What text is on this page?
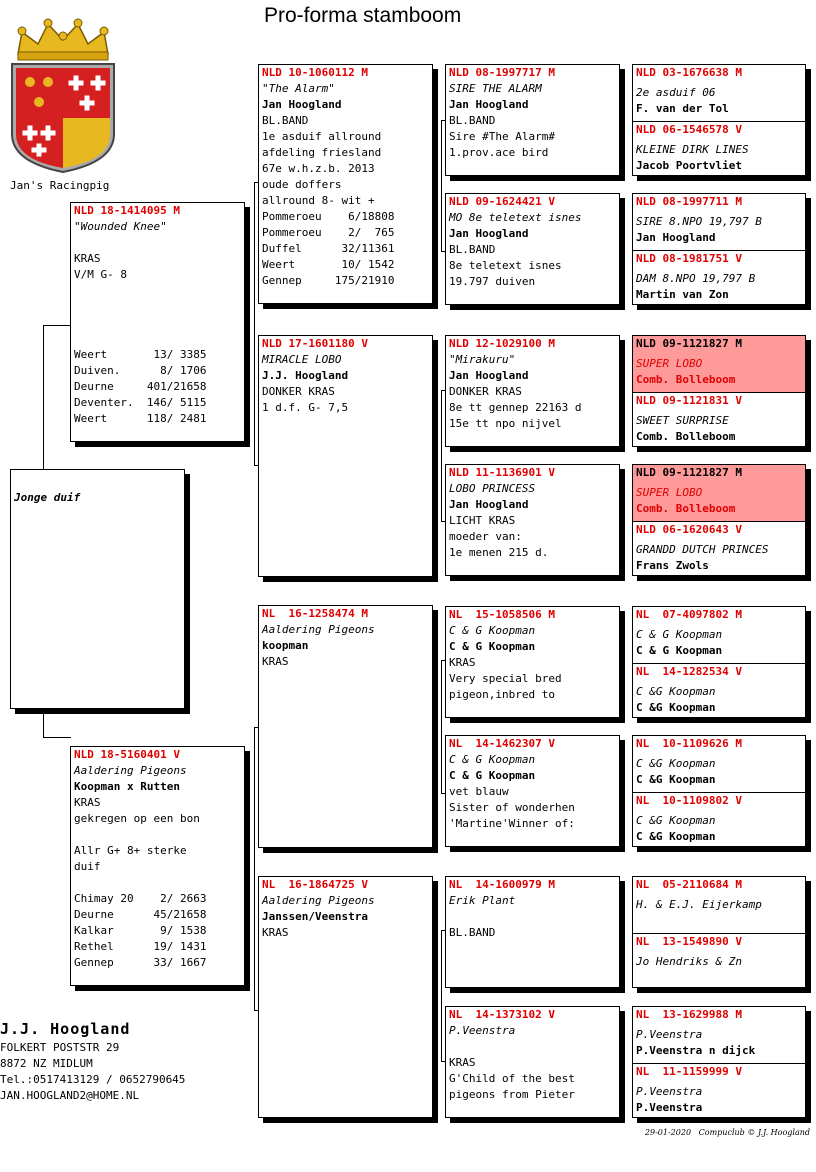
Pro-forma stamboom
Jan's Racingpig
Jonge duif
NLD 18-1414095 M
"Wounded Knee"

KRAS
V/M G- 8

Weert       13/ 3385
Duiven.      8/ 1706
Deurne     401/21658
Deventer.  146/ 5115
Weert      118/ 2481
NLD 18-5160401 V
Aaldering Pigeons
Koopman x Rutten
KRAS
gekregen op een bon

Allr G+ 8+ sterke
duif

Chimay 20    2/ 2663
Deurne      45/21658
Kalkar       9/ 1538
Rethel      19/ 1431
Gennep      33/ 1667
NLD 10-1060112 M
"The Alarm"
Jan Hoogland
BL.BAND
1e asduif allround
afdeling friesland
67e w.h.z.b. 2013
oude doffers
allround 8- wit +
Pommeroeu    6/18808
Pommeroeu    2/  765
Duffel      32/11361
Weert       10/ 1542
Gennep     175/21910
NLD 17-1601180 V
MIRACLE LOBO
J.J. Hoogland
DONKER KRAS
1 d.f. G- 7,5
NL  16-1258474 M
Aaldering Pigeons
koopman
KRAS
NL  16-1864725 V
Aaldering Pigeons
Janssen/Veenstra
KRAS
NLD 08-1997717 M
SIRE THE ALARM
Jan Hoogland
BL.BAND
Sire #The Alarm#
1.prov.ace bird
NLD 09-1624421 V
MO 8e teletext isnes
Jan Hoogland
BL.BAND
8e teletext isnes
19.797 duiven
NLD 12-1029100 M
"Mirakuru"
Jan Hoogland
DONKER KRAS
8e tt gennep 22163 d
15e tt npo nijvel
NLD 11-1136901 V
LOBO PRINCESS
Jan Hoogland
LICHT KRAS
moeder van:
1e menen 215 d.
NL  15-1058506 M
C & G Koopman
C & G Koopman
KRAS
Very special bred
pigeon,inbred to
NL  14-1462307 V
C & G Koopman
C & G Koopman
vet blauw
Sister of wonderhen
'Martine'Winner of:
NL  14-1600979 M
Erik Plant

BL.BAND
NL  14-1373102 V
P.Veenstra

KRAS
G'Child of the best
pigeons from Pieter
NLD 03-1676638 M
2e asduif 06
F. van der Tol
NLD 06-1546578 V
KLEINE DIRK LINES
Jacob Poortvliet
NLD 08-1997711 M
SIRE 8.NPO 19,797 B
Jan Hoogland
NLD 08-1981751 V
DAM 8.NPO 19,797 B
Martin van Zon
NLD 09-1121827 M
SUPER LOBO
Comb. Bolleboom
NLD 09-1121831 V
SWEET SURPRISE
Comb. Bolleboom
NLD 09-1121827 M
SUPER LOBO
Comb. Bolleboom
NLD 06-1620643 V
GRANDD DUTCH PRINCES
Frans Zwols
NL  07-4097802 M
C & G Koopman
C & G Koopman
NL  14-1282534 V
C &G Koopman
C &G Koopman
NL  10-1109626 M
C &G Koopman
C &G Koopman
NL  10-1109802 V
C &G Koopman
C &G Koopman
NL  05-2110684 M
H. & E.J. Eijerkamp
NL  13-1549890 V
Jo Hendriks & Zn
NL  13-1629988 M
P.Veenstra
P.Veenstra n dijck
NL  11-1159999 V
P.Veenstra
P.Veenstra
J.J. Hoogland
FOLKERT POSTSTR 29
8872 NZ MIDLUM
Tel.:0517413129 / 0652790645
JAN.HOOGLAND2@HOME.NL
29-01-2020   Compuclub © J.J. Hoogland
